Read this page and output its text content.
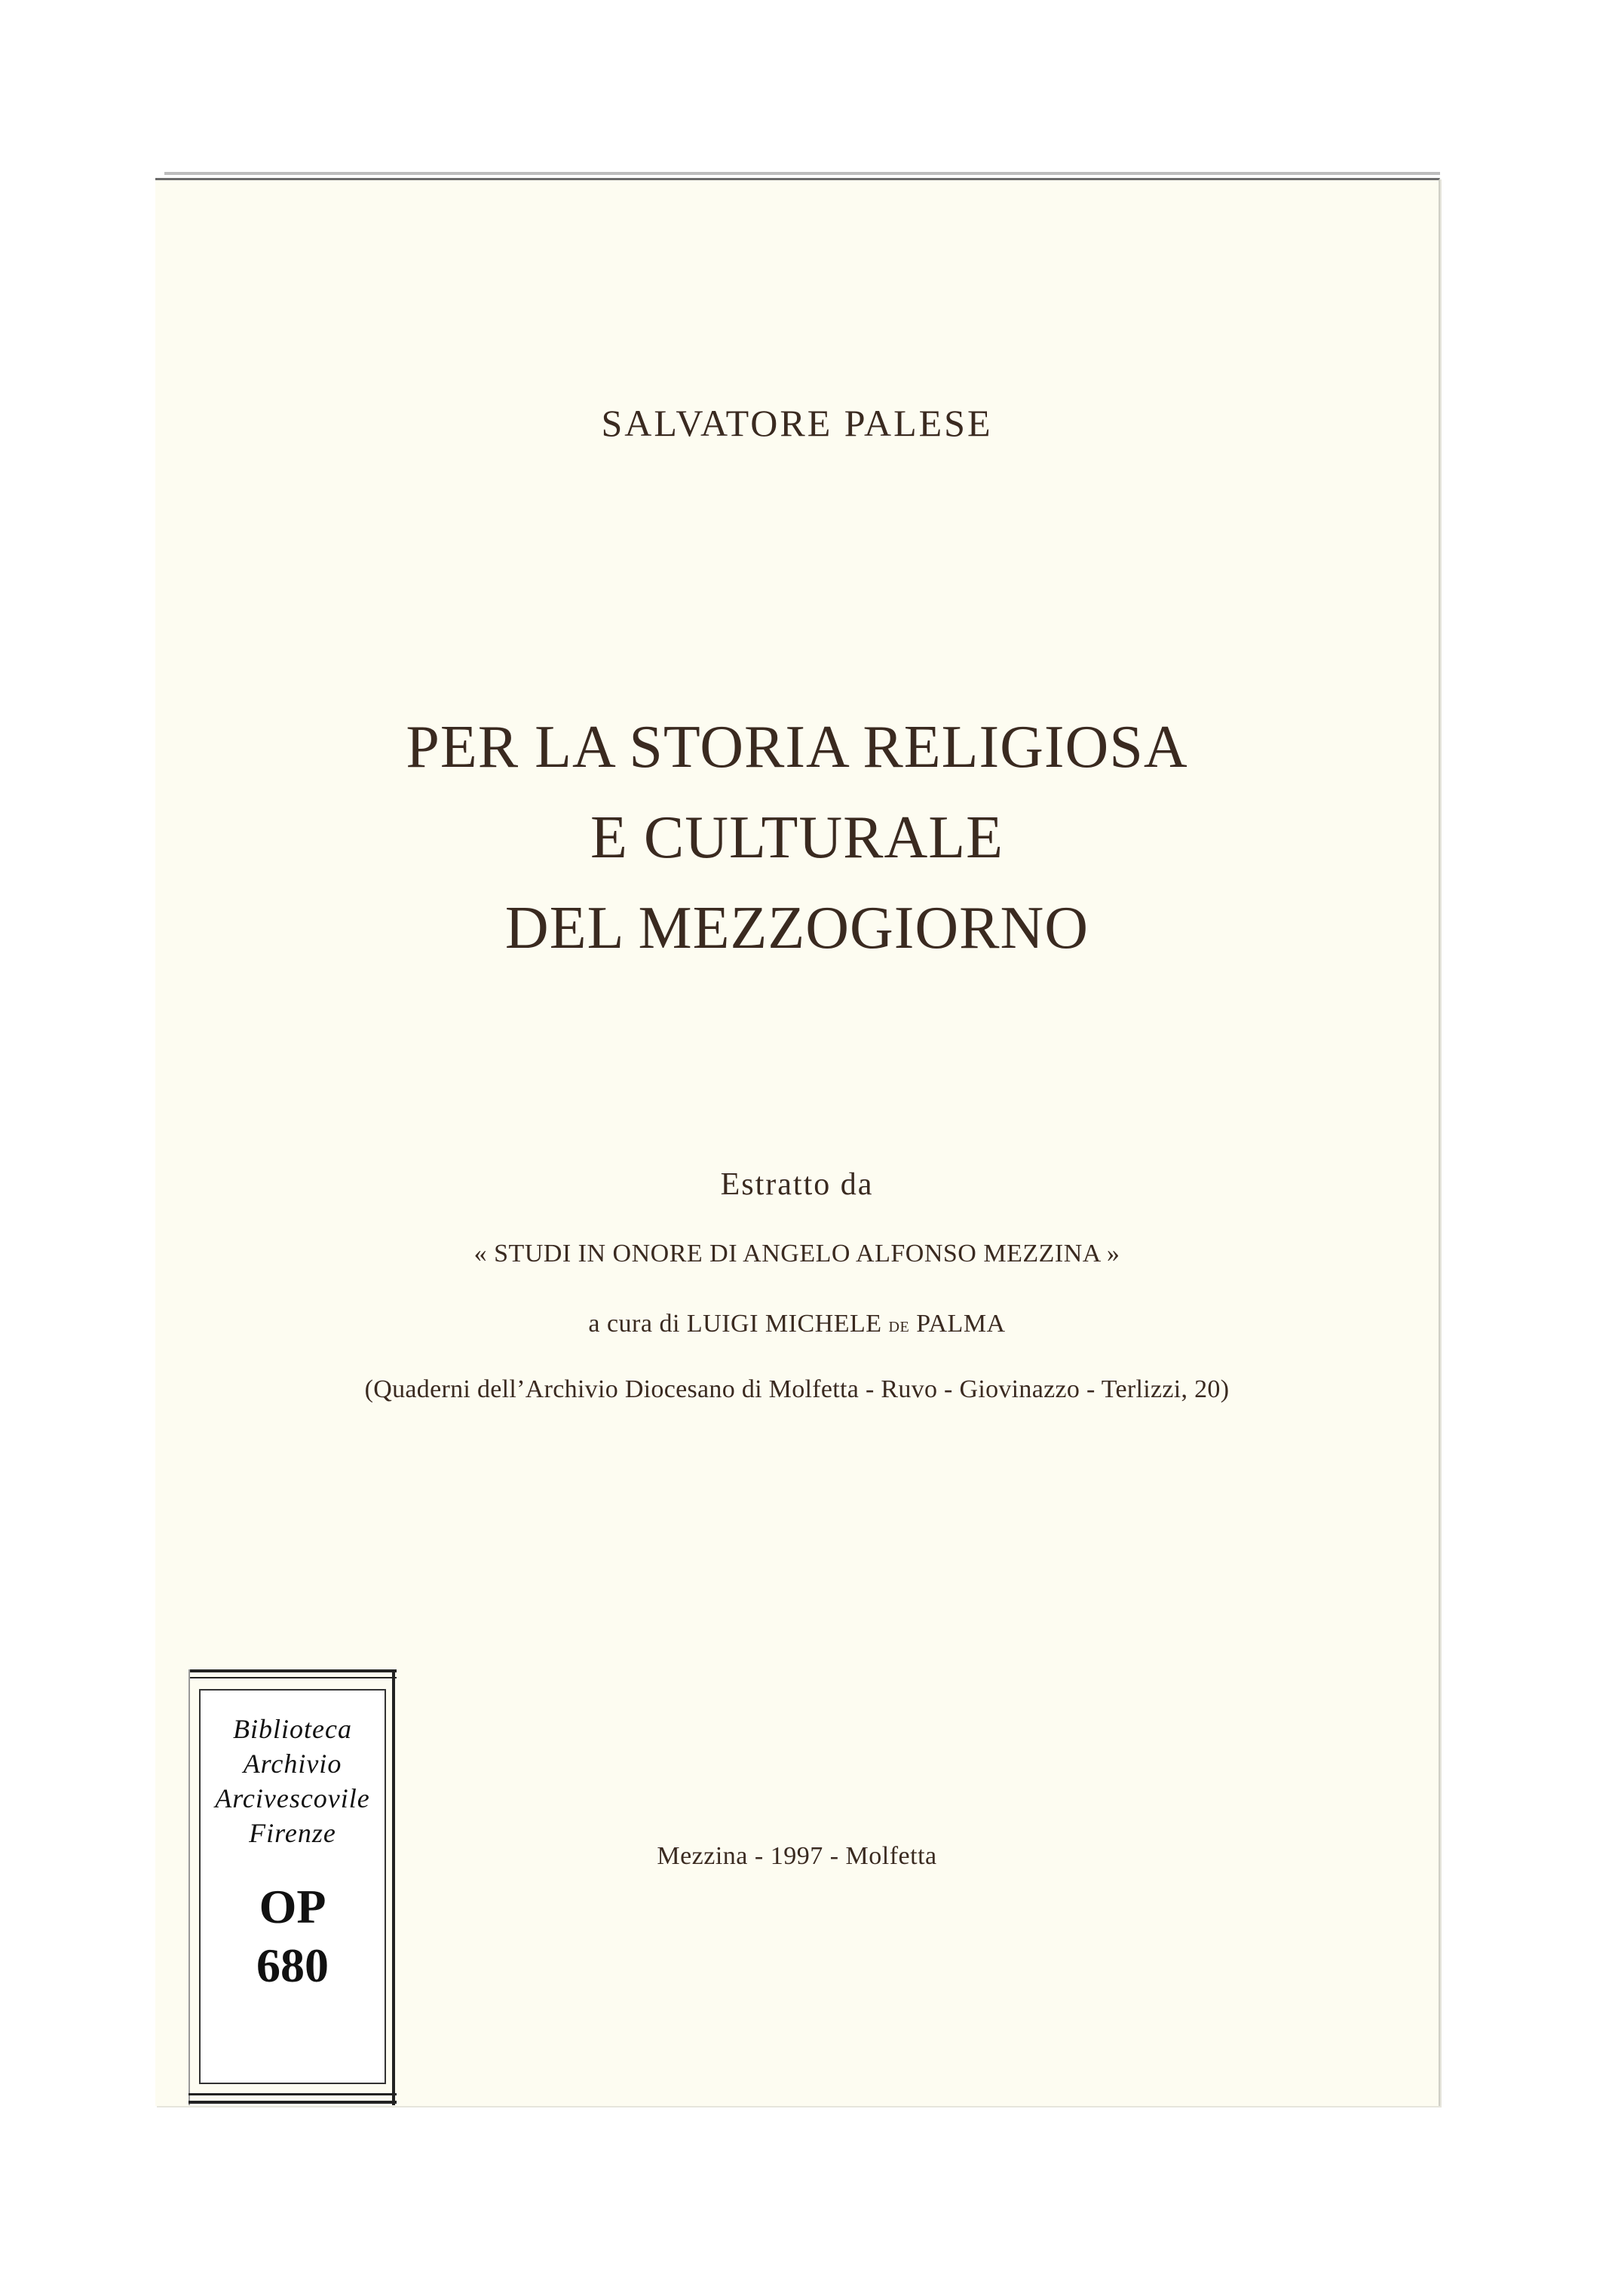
SALVATORE PALESE
PER LA STORIA RELIGIOSA
E CULTURALE
DEL MEZZOGIORNO
Estratto da
« STUDI IN ONORE DI ANGELO ALFONSO MEZZINA »
a cura di LUIGI MICHELE de PALMA
(Quaderni dell’Archivio Diocesano di Molfetta - Ruvo - Giovinazzo - Terlizzi, 20)
Mezzina - 1997 - Molfetta
Biblioteca
Archivio
Arcivescovile
Firenze
OP
680
